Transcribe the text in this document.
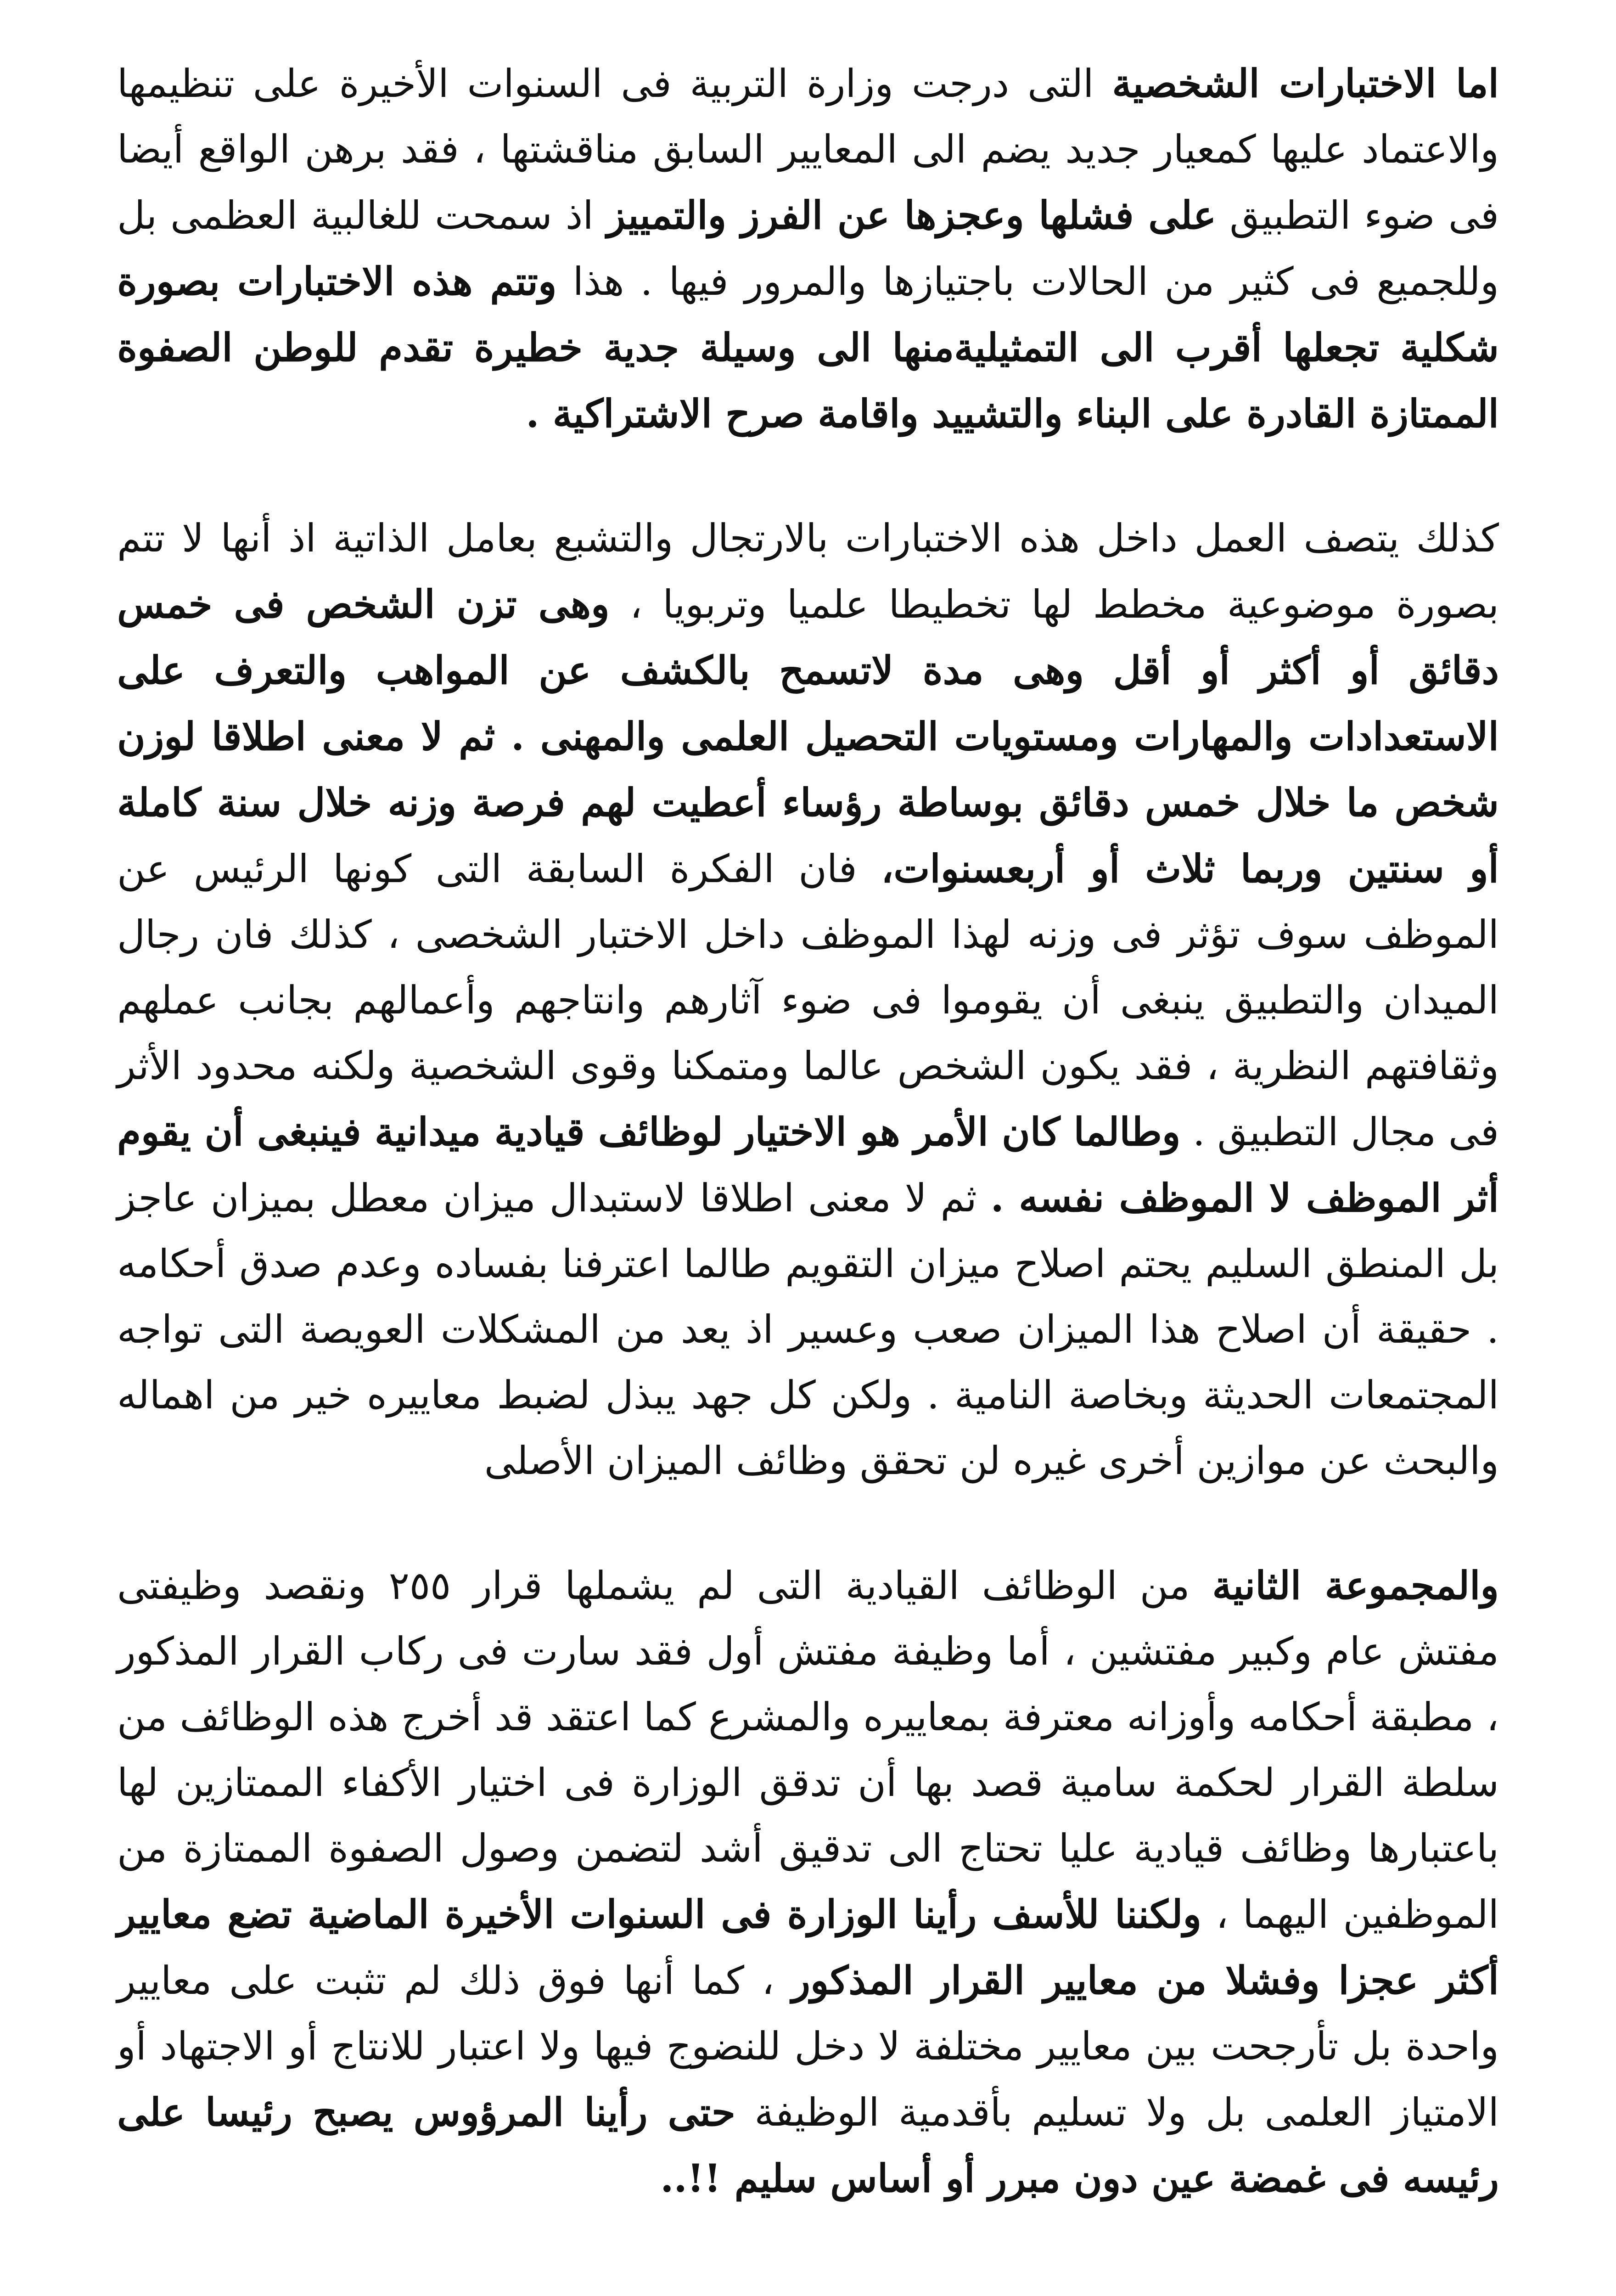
اما الاختبارات الشخصية التى درجت وزارة التربية فى السنوات الأخيرة على تنظيمها والاعتماد عليها كمعيار جديد يضم الى المعايير السابق مناقشتها ، فقد برهن الواقع أيضا فى ضوء التطبيق على فشلها وعجزها عن الفرز والتمييز اذ سمحت للغالبية العظمى بل وللجميع فى كثير من الحالات باجتيازها والمرور فيها . هذا وتتم هذه الاختبارات بصورة شكلية تجعلها أقرب الى التمثيليةمنها الى وسيلة جدية خطيرة تقدم للوطن الصفوة الممتازة القادرة على البناء والتشييد واقامة صرح الاشتراكية .

كذلك يتصف العمل داخل هذه الاختبارات بالارتجال والتشبع بعامل الذاتية اذ أنها لا تتم بصورة موضوعية مخطط لها تخطيطا علميا وتربويا ، وهى تزن الشخص فى خمس دقائق أو أكثر أو أقل وهى مدة لاتسمح بالكشف عن المواهب والتعرف على الاستعدادات والمهارات ومستويات التحصيل العلمى والمهنى . ثم لا معنى اطلاقا لوزن شخص ما خلال خمس دقائق بوساطة رؤساء أعطيت لهم فرصة وزنه خلال سنة كاملة أو سنتين وربما ثلاث أو أربعسنوات، فان الفكرة السابقة التى كونها الرئيس عن الموظف سوف تؤثر فى وزنه لهذا الموظف داخل الاختبار الشخصى ، كذلك فان رجال الميدان والتطبيق ينبغى أن يقوموا فى ضوء آثارهم وانتاجهم وأعمالهم بجانب عملهم وثقافتهم النظرية ، فقد يكون الشخص عالما ومتمكنا وقوى الشخصية ولكنه محدود الأثر فى مجال التطبيق . وطالما كان الأمر هو الاختيار لوظائف قيادية ميدانية فينبغى أن يقوم أثر الموظف لا الموظف نفسه . ثم لا معنى اطلاقا لاستبدال ميزان معطل بميزان عاجز بل المنطق السليم يحتم اصلاح ميزان التقويم طالما اعترفنا بفساده وعدم صدق أحكامه . حقيقة أن اصلاح هذا الميزان صعب وعسير اذ يعد من المشكلات العويصة التى تواجه المجتمعات الحديثة وبخاصة النامية . ولكن كل جهد يبذل لضبط معاييره خير من اهماله والبحث عن موازين أخرى غيره لن تحقق وظائف الميزان الأصلى

والمجموعة الثانية من الوظائف القيادية التى لم يشملها قرار ٢٥٥ ونقصد وظيفتى مفتش عام وكبير مفتشين ، أما وظيفة مفتش أول فقد سارت فى ركاب القرار المذكور ، مطبقة أحكامه وأوزانه معترفة بمعاييره والمشرع كما اعتقد قد أخرج هذه الوظائف من سلطة القرار لحكمة سامية قصد بها أن تدقق الوزارة فى اختيار الأكفاء الممتازين لها باعتبارها وظائف قيادية عليا تحتاج الى تدقيق أشد لتضمن وصول الصفوة الممتازة من الموظفين اليهما ، ولكننا للأسف رأينا الوزارة فى السنوات الأخيرة الماضية تضع معايير أكثر عجزا وفشلا من معايير القرار المذكور ، كما أنها فوق ذلك لم تثبت على معايير واحدة بل تأرجحت بين معايير مختلفة لا دخل للنضوج فيها ولا اعتبار للانتاج أو الاجتهاد أو الامتياز العلمى بل ولا تسليم بأقدمية الوظيفة حتى رأينا المرؤوس يصبح رئيسا على رئيسه فى غمضة عين دون مبرر أو أساس سليم !!..
